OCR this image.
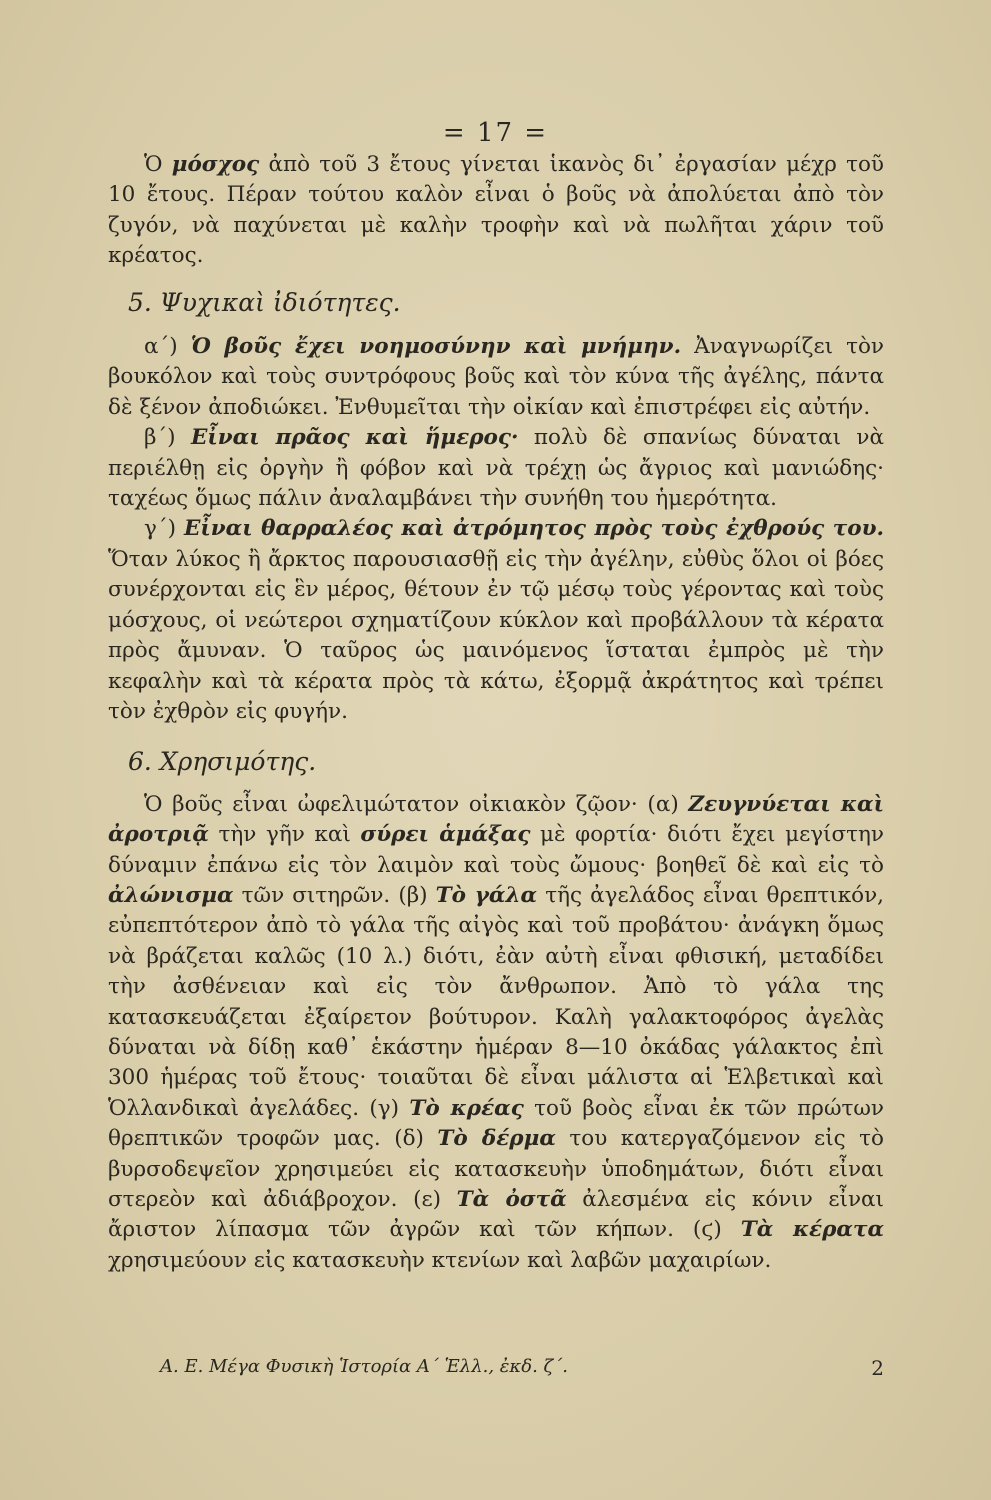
= 17 =

Ὁ μόσχος ἀπὸ τοῦ 3 ἔτους γίνεται ἱκανὸς δι᾽ ἐργασίαν μέχρ τοῦ 10 ἔτους. Πέραν τούτου καλὸν εἶναι ὁ βοῦς νὰ ἀπολύεται ἀπὸ τὸν ζυγόν, νὰ παχύνεται μὲ καλὴν τροφὴν καὶ νὰ πωλῆται χάριν τοῦ κρέατος.

5. Ψυχικαὶ ἰδιότητες.

α΄) Ὁ βοῦς ἔχει νοημοσύνην καὶ μνήμην. Ἀναγνωρίζει τὸν βουκόλον καὶ τοὺς συντρόφους βοῦς καὶ τὸν κύνα τῆς ἀγέλης, πάντα δὲ ξένον ἀποδιώκει. Ἐνθυμεῖται τὴν οἰκίαν καὶ ἐπιστρέφει εἰς αὐτήν.

β΄) Εἶναι πρᾶος καὶ ἥμερος· πολὺ δὲ σπανίως δύναται νὰ περιέλθῃ εἰς ὀργὴν ἢ φόβον καὶ νὰ τρέχῃ ὡς ἄγριος καὶ μανιώδης· ταχέως ὅμως πάλιν ἀναλαμβάνει τὴν συνήθη του ἡμερότητα.

γ΄) Εἶναι θαρραλέος καὶ ἀτρόμητος πρὸς τοὺς ἐχθρούς του. Ὅταν λύκος ἢ ἄρκτος παρουσιασθῇ εἰς τὴν ἀγέλην, εὐθὺς ὅλοι οἱ βόες συνέρχονται εἰς ἓν μέρος, θέτουν ἐν τῷ μέσῳ τοὺς γέροντας καὶ τοὺς μόσχους, οἱ νεώτεροι σχηματίζουν κύκλον καὶ προβάλλουν τὰ κέρατα πρὸς ἄμυναν. Ὁ ταῦρος ὡς μαινόμενος ἵσταται ἐμπρὸς μὲ τὴν κεφαλὴν καὶ τὰ κέρατα πρὸς τὰ κάτω, ἐξορμᾷ ἀκράτητος καὶ τρέπει τὸν ἐχθρὸν εἰς φυγήν.

6. Χρησιμότης.

Ὁ βοῦς εἶναι ὠφελιμώτατον οἰκιακὸν ζῷον· (α) Ζευγνύεται καὶ ἀροτριᾷ τὴν γῆν καὶ σύρει ἁμάξας μὲ φορτία· διότι ἔχει μεγίστην δύναμιν ἐπάνω εἰς τὸν λαιμὸν καὶ τοὺς ὤμους· βοηθεῖ δὲ καὶ εἰς τὸ ἀλώνισμα τῶν σιτηρῶν. (β) Τὸ γάλα τῆς ἀγελάδος εἶναι θρεπτικόν, εὐπεπτότερον ἀπὸ τὸ γάλα τῆς αἰγὸς καὶ τοῦ προβάτου· ἀνάγκη ὅμως νὰ βράζεται καλῶς (10 λ.) διότι, ἐὰν αὐτὴ εἶναι φθισική, μεταδίδει τὴν ἀσθένειαν καὶ εἰς τὸν ἄνθρωπον. Ἀπὸ τὸ γάλα της κατασκευάζεται ἐξαίρετον βούτυρον. Καλὴ γαλακτοφόρος ἀγελὰς δύναται νὰ δίδῃ καθ᾽ ἑκάστην ἡμέραν 8—10 ὀκάδας γάλακτος ἐπὶ 300 ἡμέρας τοῦ ἔτους· τοιαῦται δὲ εἶναι μάλιστα αἱ Ἑλβετικαὶ καὶ Ὁλλανδικαὶ ἀγελάδες. (γ) Τὸ κρέας τοῦ βοὸς εἶναι ἐκ τῶν πρώτων θρεπτικῶν τροφῶν μας. (δ) Τὸ δέρμα του κατεργαζόμενον εἰς τὸ βυρσοδεψεῖον χρησιμεύει εἰς κατασκευὴν ὑποδημάτων, διότι εἶναι στερεὸν καὶ ἀδιάβροχον. (ε) Τὰ ὀστᾶ ἀλεσμένα εἰς κόνιν εἶναι ἄριστον λίπασμα τῶν ἀγρῶν καὶ τῶν κήπων. (ϛ) Τὰ κέρατα χρησιμεύουν εἰς κατασκευὴν κτενίων καὶ λαβῶν μαχαιρίων.

Α. Ε. Μέγα Φυσικὴ Ἱστορία Α΄ Ἑλλ., ἐκδ. ζ΄.	2
